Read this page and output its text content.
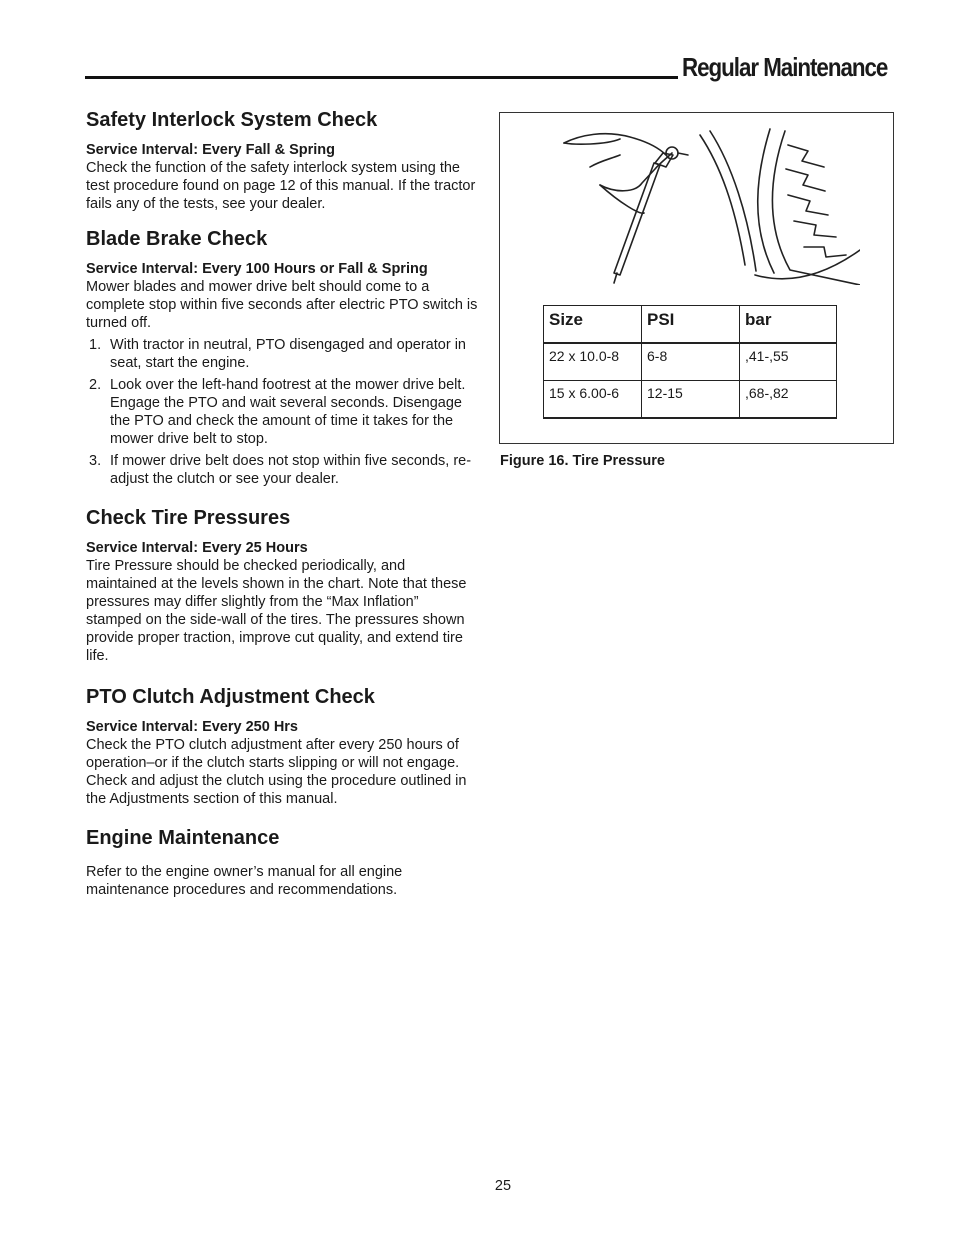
Regular Maintenance
Safety Interlock System Check

Service Interval: Every Fall & Spring

Check the function of the safety interlock system using the test procedure found on page 12 of this manual. If the tractor fails any of the tests, see your dealer.

Blade Brake Check

Service Interval: Every 100 Hours or Fall & Spring

Mower blades and mower drive belt should come to a complete stop within five seconds after electric PTO switch is turned off.

1. With tractor in neutral, PTO disengaged and operator in seat, start the engine.
2. Look over the left-hand footrest at the mower drive belt. Engage the PTO and wait several seconds. Disengage the PTO and check the amount of time it takes for the mower drive belt to stop.
3. If mower drive belt does not stop within five seconds, re-adjust the clutch or see your dealer.
Check Tire Pressures

Service Interval: Every 25 Hours

Tire Pressure should be checked periodically, and maintained at the levels shown in the chart. Note that these pressures may differ slightly from the “Max Inflation” stamped on the side-wall of the tires. The pressures shown provide proper traction, improve cut quality, and extend tire life.

PTO Clutch Adjustment Check

Service Interval: Every 250 Hrs

Check the PTO clutch adjustment after every 250 hours of operation–or if the clutch starts slipping or will not engage. Check and adjust the clutch using the procedure outlined in the Adjustments section of this manual.

Engine Maintenance

Refer to the engine owner’s manual for all engine maintenance procedures and recommendations.

Size	PSI	bar
22 x 10.0-8	6-8	,41-,55
15 x 6.00-6	12-15	,68-,82
Figure 16. Tire Pressure
25
